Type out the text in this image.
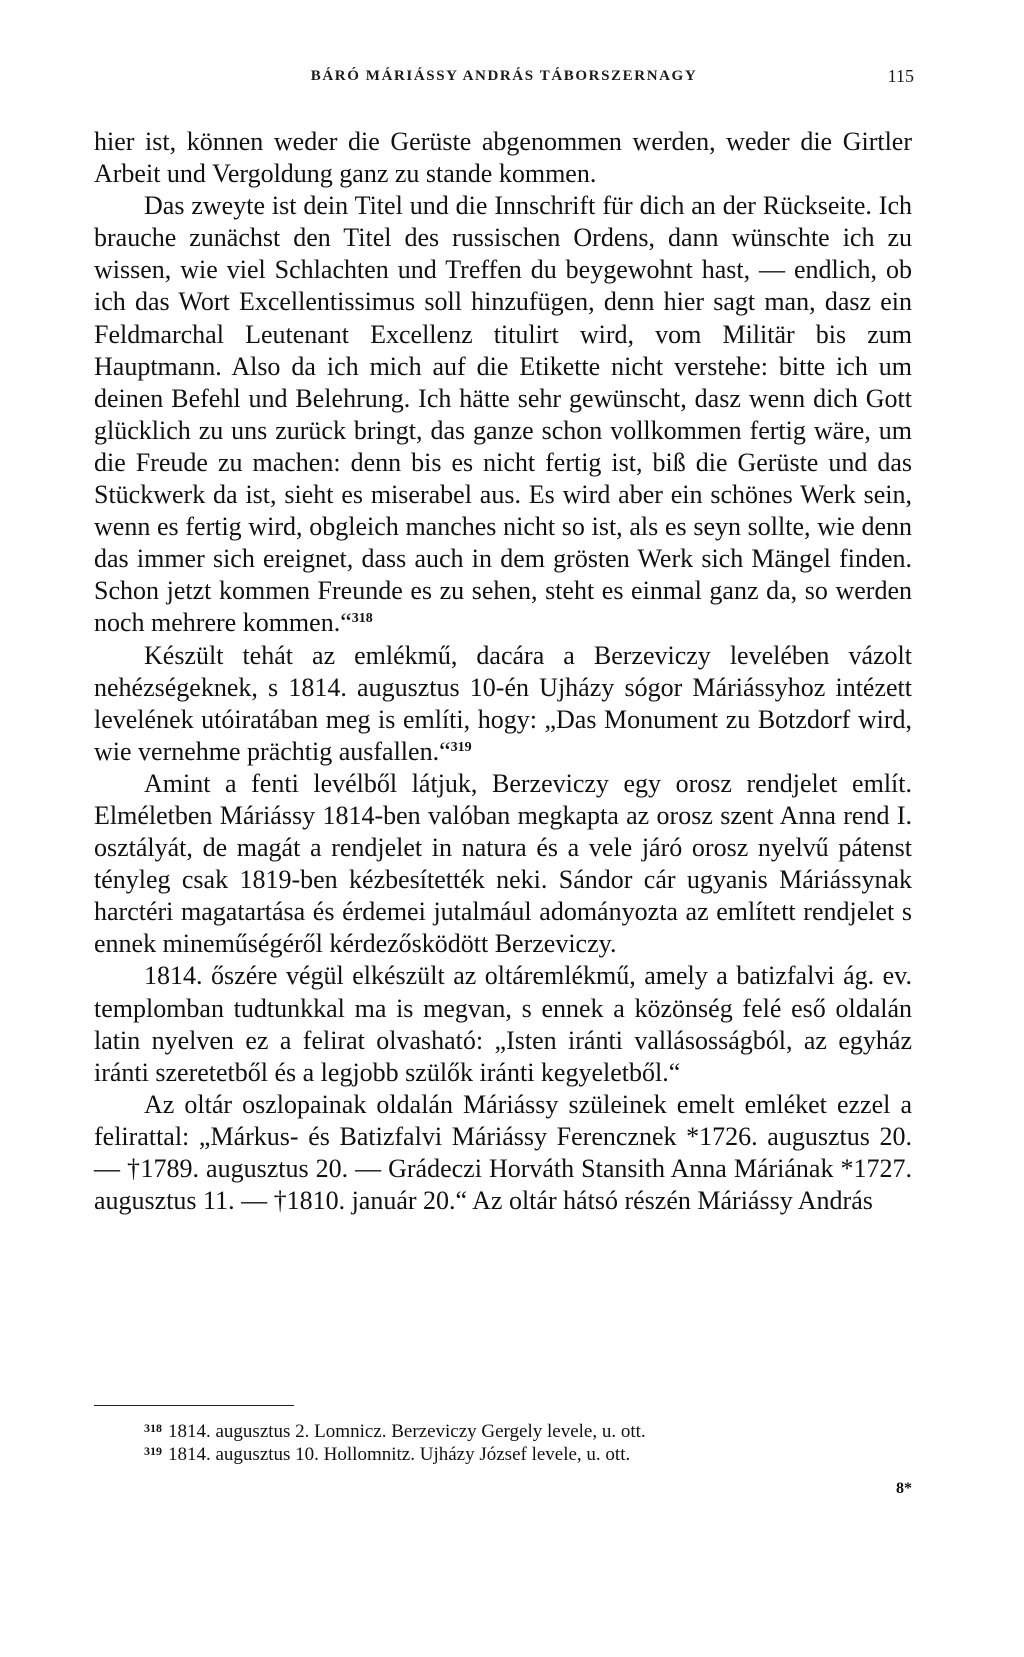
BÁRÓ MÁRIÁSSY ANDRÁS TÁBORSZERNAGY	115

hier ist, können weder die Gerüste abgenommen werden, weder die Girtler Arbeit und Vergoldung ganz zu stande kommen.

Das zweyte ist dein Titel und die Innschrift für dich an der Rückseite. Ich brauche zunächst den Titel des russischen Ordens, dann wünschte ich zu wissen, wie viel Schlachten und Treffen du beygewohnt hast, — endlich, ob ich das Wort Excellentissimus soll hinzufügen, denn hier sagt man, dasz ein Feldmarchal Leutenant Excellenz titulirt wird, vom Militär bis zum Hauptmann. Also da ich mich auf die Etikette nicht verstehe: bitte ich um deinen Befehl und Belehrung. Ich hätte sehr gewünscht, dasz wenn dich Gott glücklich zu uns zurück bringt, das ganze schon vollkommen fertig wäre, um die Freude zu machen: denn bis es nicht fertig ist, biß die Gerüste und das Stückwerk da ist, sieht es miserabel aus. Es wird aber ein schönes Werk sein, wenn es fertig wird, obgleich manches nicht so ist, als es seyn sollte, wie denn das immer sich ereignet, dass auch in dem grösten Werk sich Mängel finden. Schon jetzt kommen Freunde es zu sehen, steht es einmal ganz da, so werden noch mehrere kommen.“$^{318}$

Készült tehát az emlékmű, dacára a Berzeviczy levelében vázolt nehézségeknek, s 1814. augusztus 10-én Ujházy sógor Máriássyhoz intézett levelének utóiratában meg is említi, hogy: „Das Monument zu Botzdorf wird, wie vernehme prächtig ausfallen.“$^{319}$

Amint a fenti levélből látjuk, Berzeviczy egy orosz rendjelet említ. Elméletben Máriássy 1814-ben valóban megkapta az orosz szent Anna rend I. osztályát, de magát a rendjelet in natura és a vele járó orosz nyelvű pátenst tényleg csak 1819-ben kézbesítették neki. Sándor cár ugyanis Máriássynak harctéri magatartása és érdemei jutalmául adományozta az említett rendjelet s ennek mineműségéről kérdezősködött Berzeviczy.

1814. őszére végül elkészült az oltáremlékmű, amely a batizfalvi ág. ev. templomban tudtunkkal ma is megvan, s ennek a közönség felé eső oldalán latin nyelven ez a felirat olvasható: „Isten iránti vallásosságból, az egyház iránti szeretetből és a legjobb szülők iránti kegyeletből.“

Az oltár oszlopainak oldalán Máriássy szüleinek emelt emléket ezzel a felirattal: „Márkus- és Batizfalvi Máriássy Ferencznek *1726. augusztus 20. — †1789. augusztus 20. — Grádeczi Horváth Stansith Anna Máriának *1727. augusztus 11. — †1810. január 20.“ Az oltár hátsó részén Máriássy András

$^{318}$ 1814. augusztus 2. Lomnicz. Berzeviczy Gergely levele, u. ott.
$^{319}$ 1814. augusztus 10. Hollomnitz. Ujházy József levele, u. ott.
8*
